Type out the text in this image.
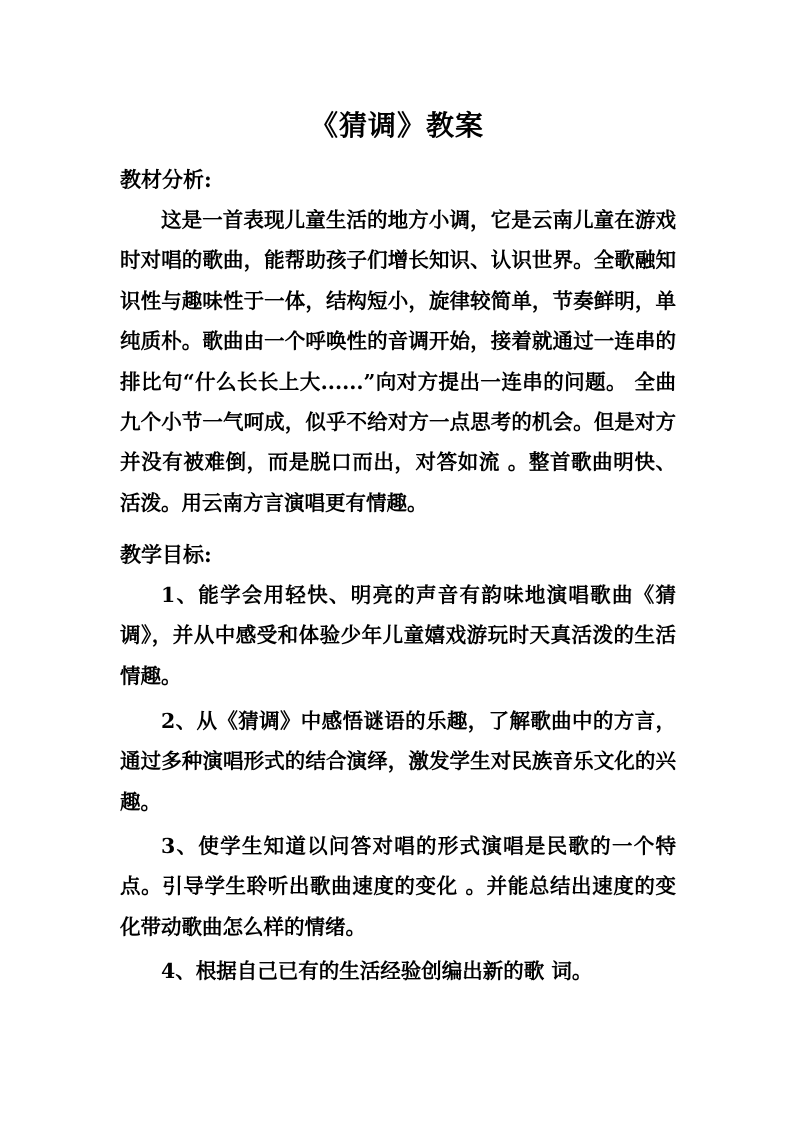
《猜调》教案
教材分析:

这是一首表现儿童生活的地方小调，它是云南儿童在游戏时对唱的歌曲，能帮助孩子们增长知识、认识世界。全歌融知识性与趣味性于一体，结构短小，旋律较简单，节奏鲜明，单纯质朴。歌曲由一个呼唤性的音调开始，接着就通过一连串的排比句“什么长长上大......”向对方提出一连串的问题。 全曲九个小节一气呵成，似乎不给对方一点思考的机会。但是对方并没有被难倒，而是脱口而出，对答如流 。整首歌曲明快、活泼。用云南方言演唱更有情趣。

教学目标:

1、能学会用轻快、明亮的声音有韵味地演唱歌曲《猜调》，并从中感受和体验少年儿童嬉戏游玩时天真活泼的生活情趣。

2、从《猜调》中感悟谜语的乐趣，了解歌曲中的方言，通过多种演唱形式的结合演绎，激发学生对民族音乐文化的兴趣。

3、使学生知道以问答对唱的形式演唱是民歌的一个特点。引导学生聆听出歌曲速度的变化 。并能总结出速度的变化带动歌曲怎么样的情绪。

4、根据自己已有的生活经验创编出新的歌 词。
